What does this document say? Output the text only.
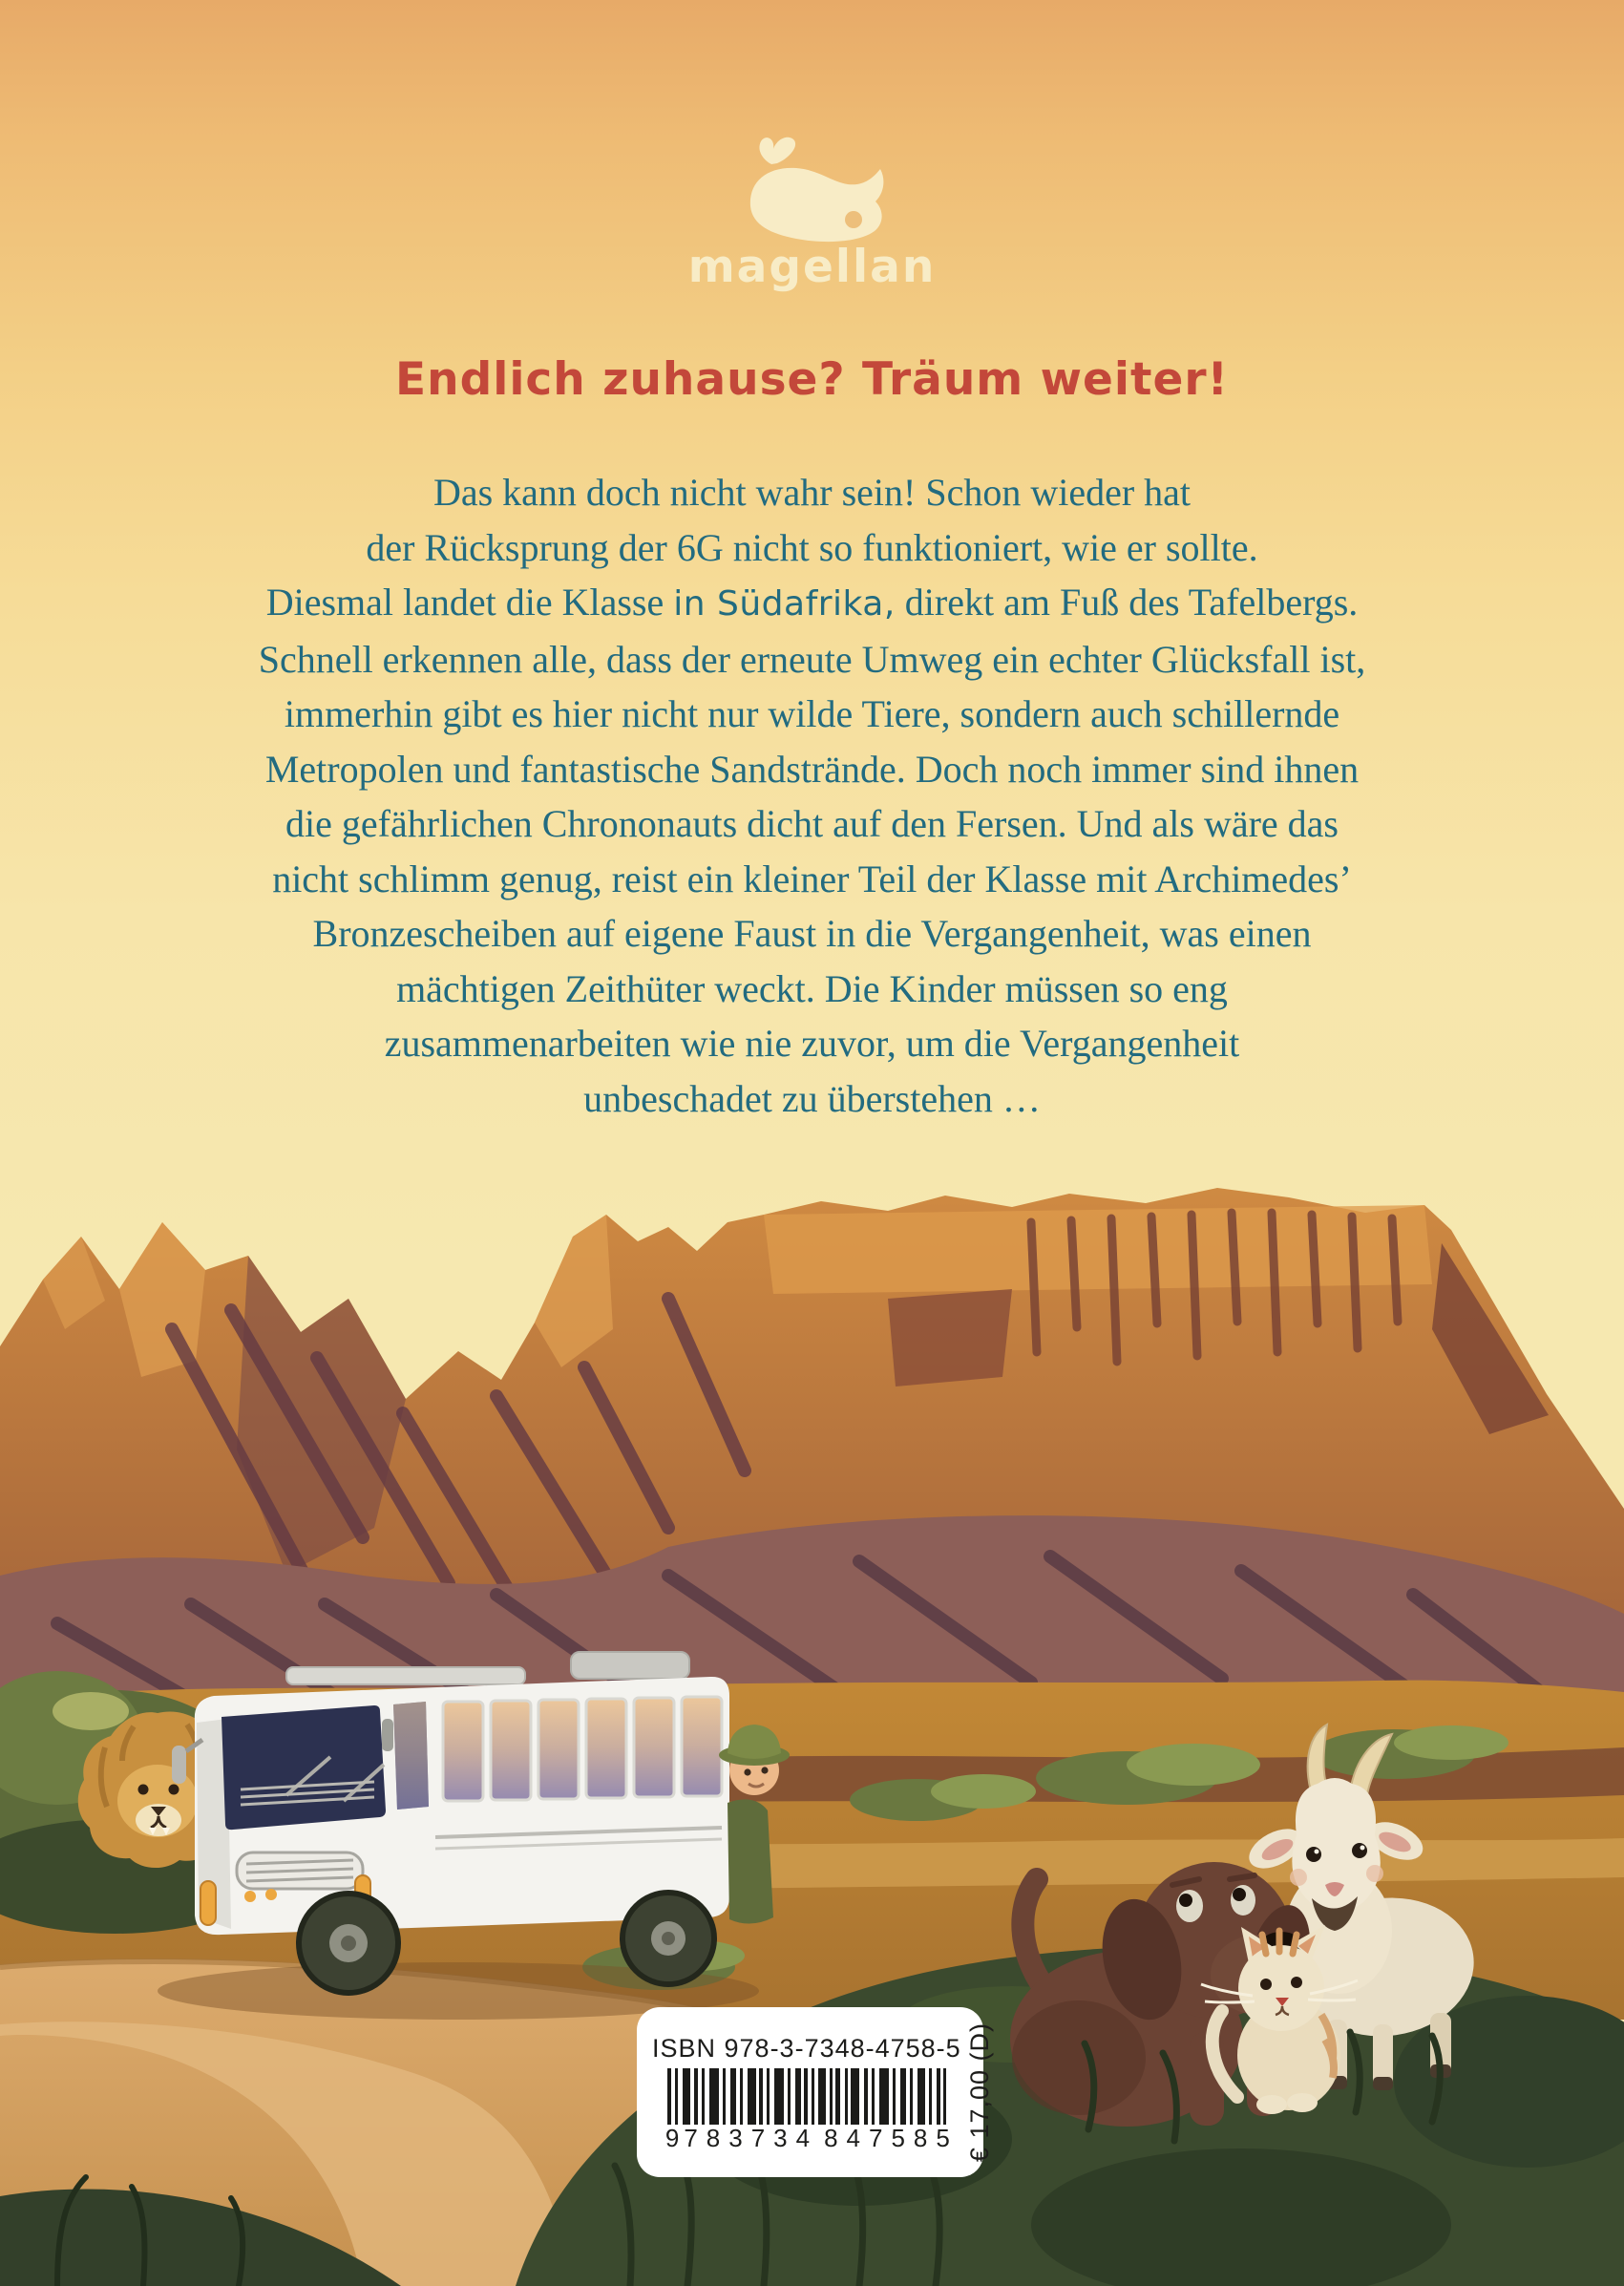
magellan
Endlich zuhause? Träum weiter!

Das kann doch nicht wahr sein! Schon wieder hat

der Rücksprung der 6G nicht so funktioniert, wie er sollte.

Diesmal landet die Klasse in Südafrika, direkt am Fuß des Tafelbergs.

Schnell erkennen alle, dass der erneute Umweg ein echter Glücksfall ist,

immerhin gibt es hier nicht nur wilde Tiere, sondern auch schillernde

Metropolen und fantastische Sandstrände. Doch noch immer sind ihnen

die gefährlichen Chrononauts dicht auf den Fersen. Und als wäre das

nicht schlimm genug, reist ein kleiner Teil der Klasse mit Archimedes’

Bronzescheiben auf eigene Faust in die Vergangenheit, was einen

mächtigen Zeithüter weckt. Die Kinder müssen so eng

zusammenarbeiten wie nie zuvor, um die Vergangenheit

unbeschadet zu überstehen …

ISBN 978-3-7348-4758-5
9 783734 847585 € 17,00 (D)
